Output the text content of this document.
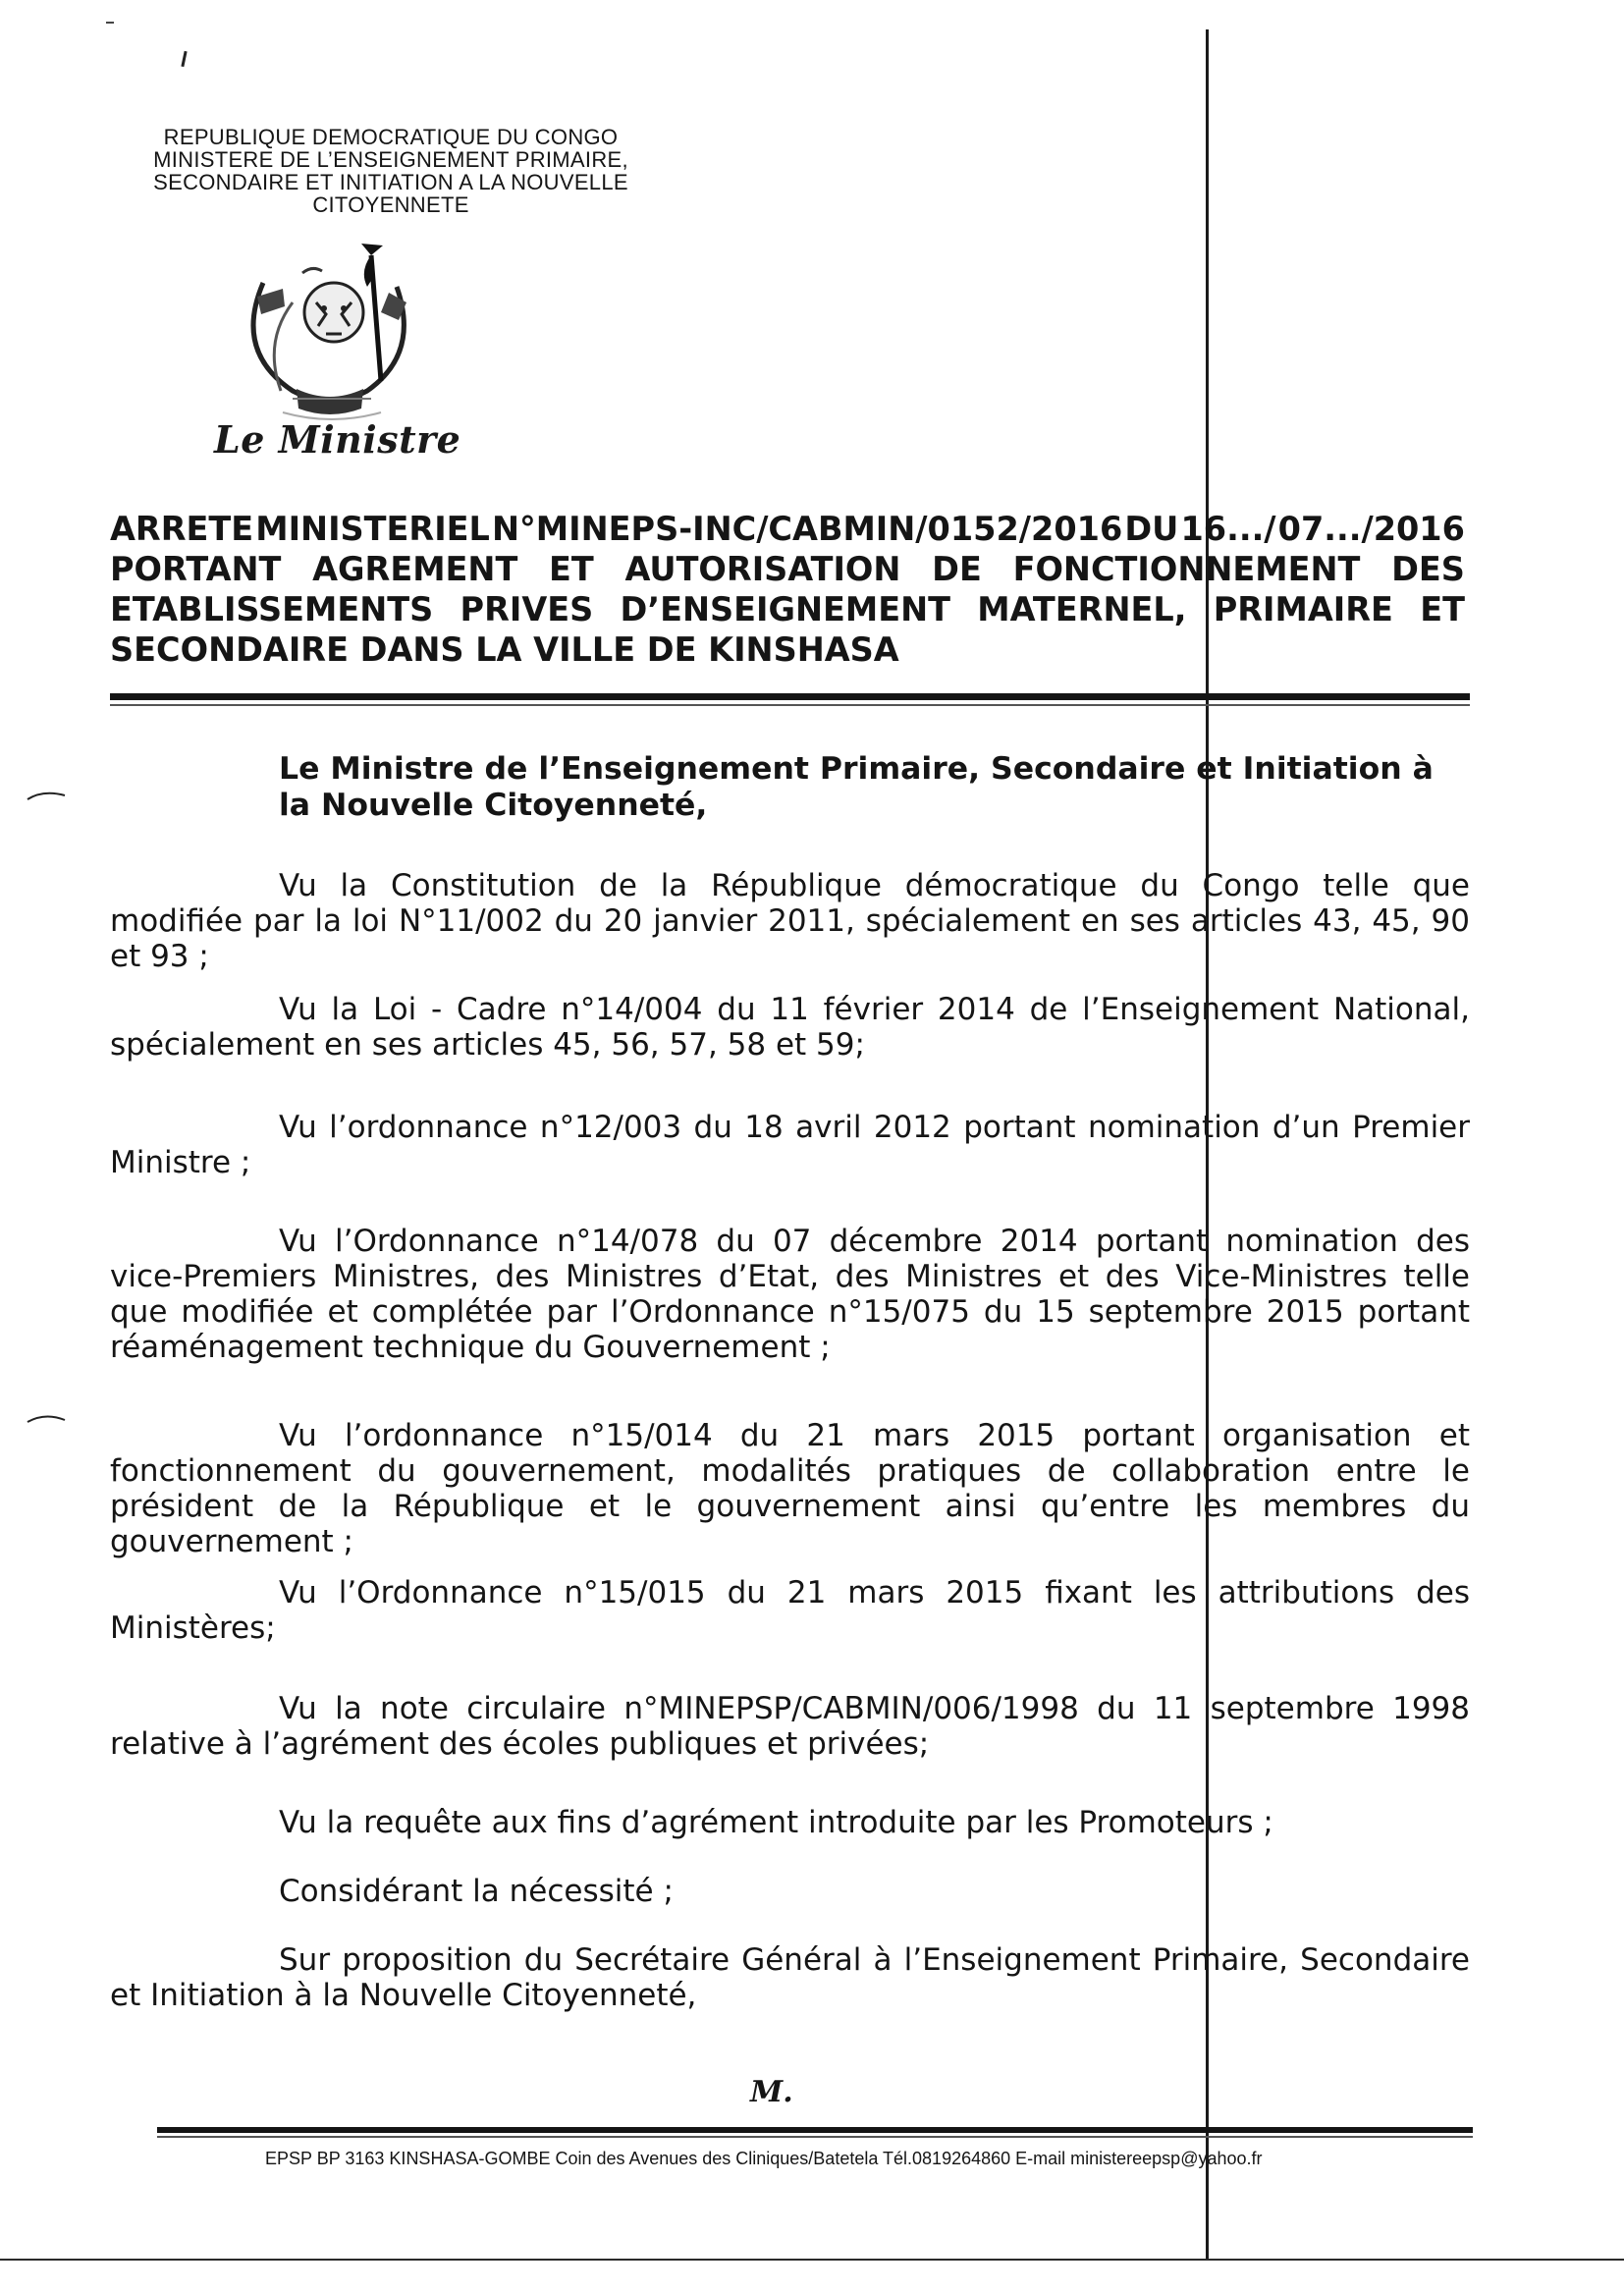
REPUBLIQUE DEMOCRATIQUE DU CONGO
MINISTERE DE L’ENSEIGNEMENT PRIMAIRE,
SECONDAIRE ET INITIATION A LA NOUVELLE
CITOYENNETE
Le Ministre
ARRETE MINISTERIEL N°MINEPS-INC/CABMIN/0152/2016 DU 16.../ 07.../2016
PORTANT AGREMENT ET AUTORISATION DE FONCTIONNEMENT DES
ETABLISSEMENTS PRIVES D’ENSEIGNEMENT MATERNEL, PRIMAIRE ET
SECONDAIRE DANS LA VILLE DE KINSHASA
Le Ministre de l’Enseignement Primaire, Secondaire et Initiation à la Nouvelle Citoyenneté,
Vu la Constitution de la République démocratique du Congo telle que modifiée par la loi N°11/002 du 20 janvier 2011, spécialement en ses articles 43, 45, 90 et 93 ;
Vu la Loi - Cadre n°14/004 du 11 février 2014 de l’Enseignement National, spécialement en ses articles 45, 56, 57, 58 et 59;
Vu l’ordonnance n°12/003 du 18 avril 2012 portant nomination d’un Premier Ministre ;
Vu l’Ordonnance n°14/078 du 07 décembre 2014 portant nomination des vice-Premiers Ministres, des Ministres d’Etat, des Ministres et des Vice-Ministres telle que modifiée et complétée par l’Ordonnance n°15/075 du 15 septembre 2015 portant réaménagement technique du Gouvernement ;
Vu l’ordonnance n°15/014 du 21 mars 2015 portant organisation et fonctionnement du gouvernement, modalités pratiques de collaboration entre le président de la République et le gouvernement ainsi qu’entre les membres du gouvernement ;
Vu l’Ordonnance n°15/015 du 21 mars 2015 fixant les attributions des Ministères;
Vu la note circulaire n°MINEPSP/CABMIN/006/1998 du 11 septembre 1998 relative à l’agrément des écoles publiques et privées;
Vu la requête aux fins d’agrément introduite par les Promoteurs ;
Considérant la nécessité ;
Sur proposition du Secrétaire Général à l’Enseignement Primaire, Secondaire et Initiation à la Nouvelle Citoyenneté,
M.
EPSP BP 3163 KINSHASA-GOMBE Coin des Avenues des Cliniques/Batetela Tél.0819264860 E-mail ministereepsp@yahoo.fr
